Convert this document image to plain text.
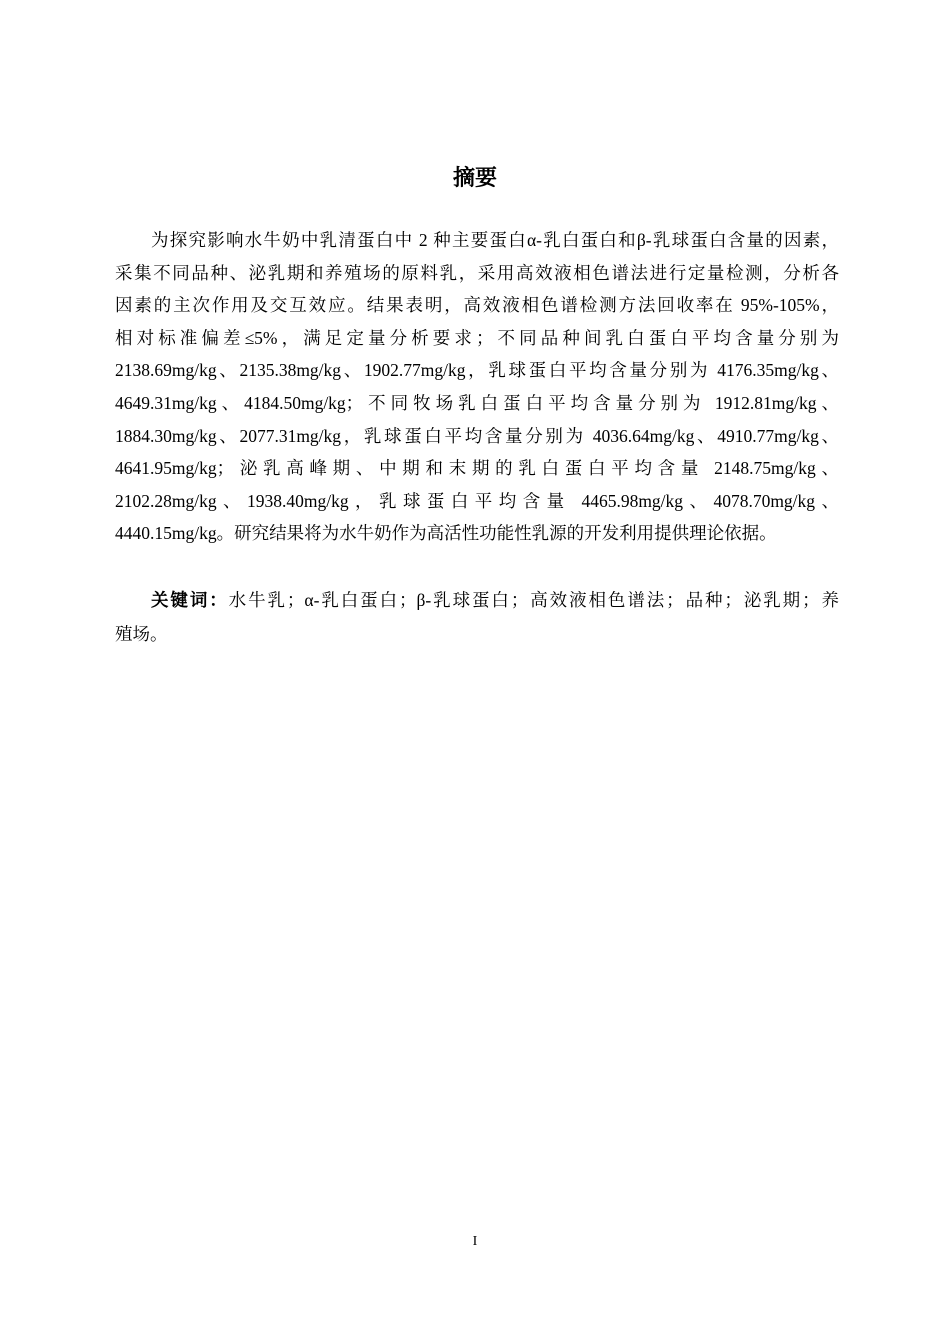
摘要
为探究影响水牛奶中乳清蛋白中 2 种主要蛋白α-乳白蛋白和β-乳球蛋白含量的因素，
采集不同品种、泌乳期和养殖场的原料乳，采用高效液相色谱法进行定量检测，分析各
因素的主次作用及交互效应。结果表明，高效液相色谱检测方法回收率在 95%-105%，
相对标准偏差≤5%，满足定量分析要求；不同品种间乳白蛋白平均含量分别为
2138.69mg/kg、2135.38mg/kg、1902.77mg/kg，乳球蛋白平均含量分别为 4176.35mg/kg、
4649.31mg/kg、4184.50mg/kg；不同牧场乳白蛋白平均含量分别为 1912.81mg/kg、
1884.30mg/kg、2077.31mg/kg，乳球蛋白平均含量分别为 4036.64mg/kg、4910.77mg/kg、
4641.95mg/kg；泌乳高峰期、中期和末期的乳白蛋白平均含量 2148.75mg/kg、
2102.28mg/kg、1938.40mg/kg，乳球蛋白平均含量 4465.98mg/kg、4078.70mg/kg、
4440.15mg/kg。研究结果将为水牛奶作为高活性功能性乳源的开发利用提供理论依据。
关键词：水牛乳；α-乳白蛋白；β-乳球蛋白；高效液相色谱法；品种；泌乳期；养
殖场。
I
